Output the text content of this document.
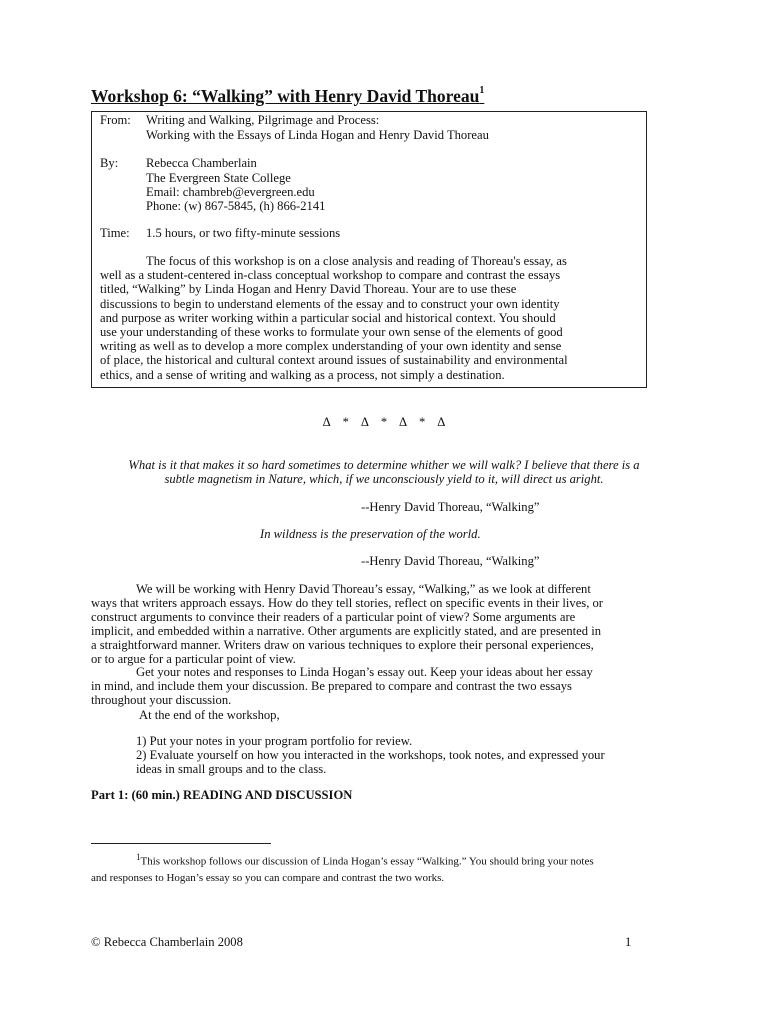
Workshop 6: “Walking” with Henry David Thoreau$^1$
From: Writing and Walking, Pilgrimage and Process:
Working with the Essays of Linda Hogan and Henry David Thoreau
By: Rebecca Chamberlain
The Evergreen State College
Email: chambreb@evergreen.edu
Phone: (w) 867-5845, (h) 866-2141
Time: 1.5 hours, or two fifty-minute sessions
The focus of this workshop is on a close analysis and reading of Thoreau's essay, as
well as a student-centered in-class conceptual workshop to compare and contrast the essays
titled, “Walking” by Linda Hogan and Henry David Thoreau. Your are to use these
discussions to begin to understand elements of the essay and to construct your own identity
and purpose as writer working within a particular social and historical context. You should
use your understanding of these works to formulate your own sense of the elements of good
writing as well as to develop a more complex understanding of your own identity and sense
of place, the historical and cultural context around issues of sustainability and environmental
ethics, and a sense of writing and walking as a process, not simply a destination.
Δ    *    Δ    *    Δ    *    Δ
What is it that makes it so hard sometimes to determine whither we will walk? I believe that there is a
subtle magnetism in Nature, which, if we unconsciously yield to it, will direct us aright.
--Henry David Thoreau, “Walking”
In wildness is the preservation of the world.
--Henry David Thoreau, “Walking”
We will be working with Henry David Thoreau’s essay, “Walking,” as we look at different
ways that writers approach essays. How do they tell stories, reflect on specific events in their lives, or
construct arguments to convince their readers of a particular point of view? Some arguments are
implicit, and embedded within a narrative. Other arguments are explicitly stated, and are presented in
a straightforward manner. Writers draw on various techniques to explore their personal experiences,
or to argue for a particular point of view.
Get your notes and responses to Linda Hogan’s essay out. Keep your ideas about her essay
in mind, and include them your discussion. Be prepared to compare and contrast the two essays
throughout your discussion.
At the end of the workshop,
1) Put your notes in your program portfolio for review.
2) Evaluate yourself on how you interacted in the workshops, took notes, and expressed your
ideas in small groups and to the class.
Part 1: (60 min.) READING AND DISCUSSION
$^1$This workshop follows our discussion of Linda Hogan’s essay “Walking.” You should bring your notes
and responses to Hogan’s essay so you can compare and contrast the two works.
© Rebecca Chamberlain 2008	1
